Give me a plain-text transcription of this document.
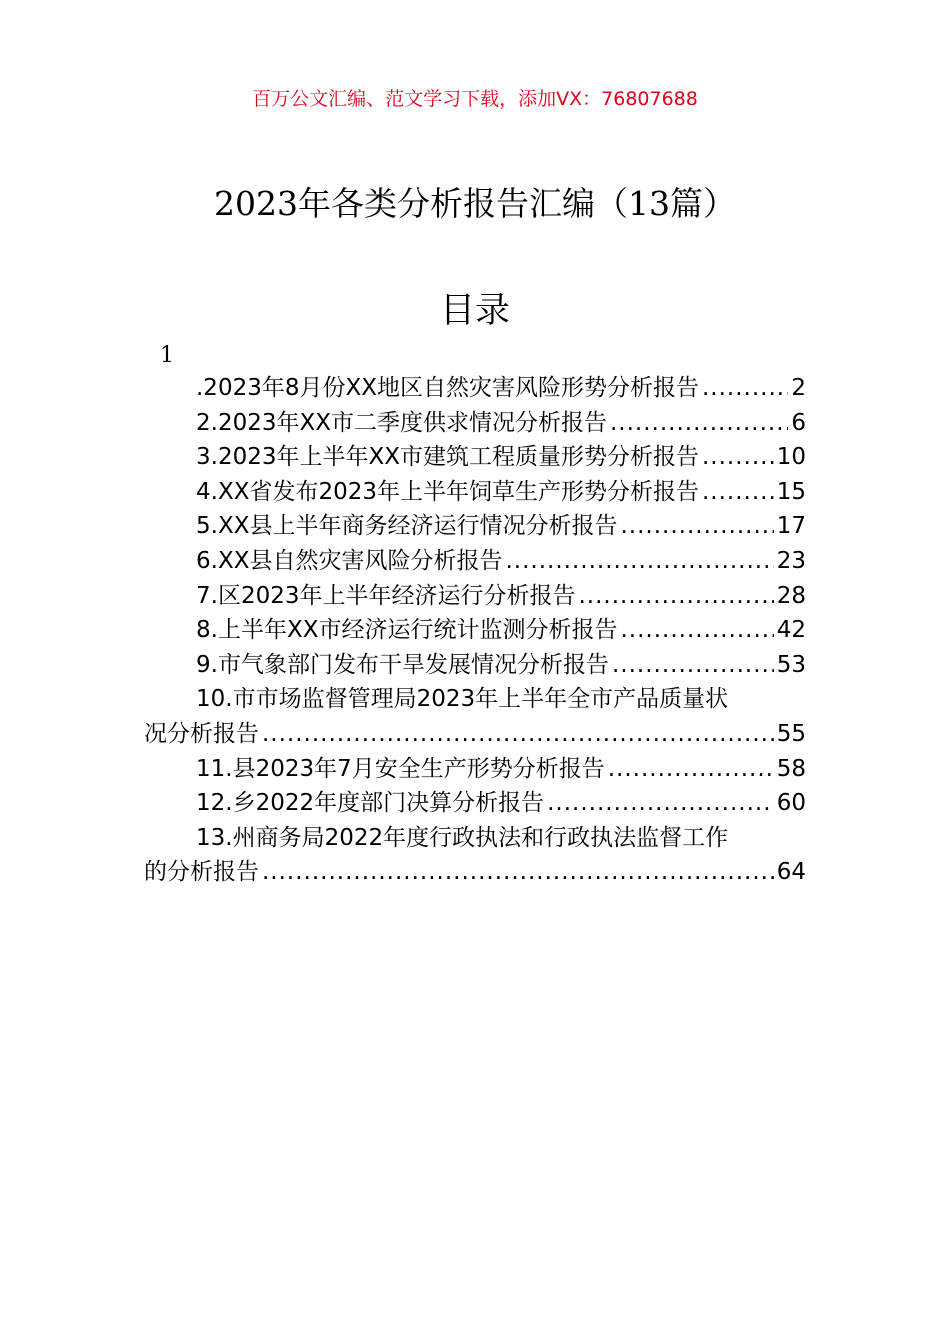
百万公文汇编、范文学习下载，添加VX：76807688
2023年各类分析报告汇编（13篇）
目录
1
.2023年8月份XX地区自然灾害风险形势分析报告 .....	2
2.2023年XX市二季度供求情况分析报告 .....	6
3.2023年上半年XX市建筑工程质量形势分析报告 .....	10
4.XX省发布2023年上半年饲草生产形势分析报告 .....	15
5.XX县上半年商务经济运行情况分析报告 .....	17
6.XX县自然灾害风险分析报告 .....	23
7.区2023年上半年经济运行分析报告 .....	28
8.上半年XX市经济运行统计监测分析报告 .....	42
9.市气象部门发布干旱发展情况分析报告 .....	53
10.市市场监督管理局2023年上半年全市产品质量状
况分析报告 .....	55
11.县2023年7月安全生产形势分析报告 .....	58
12.乡2022年度部门决算分析报告 .....	60
13.州商务局2022年度行政执法和行政执法监督工作
的分析报告 .....	64
